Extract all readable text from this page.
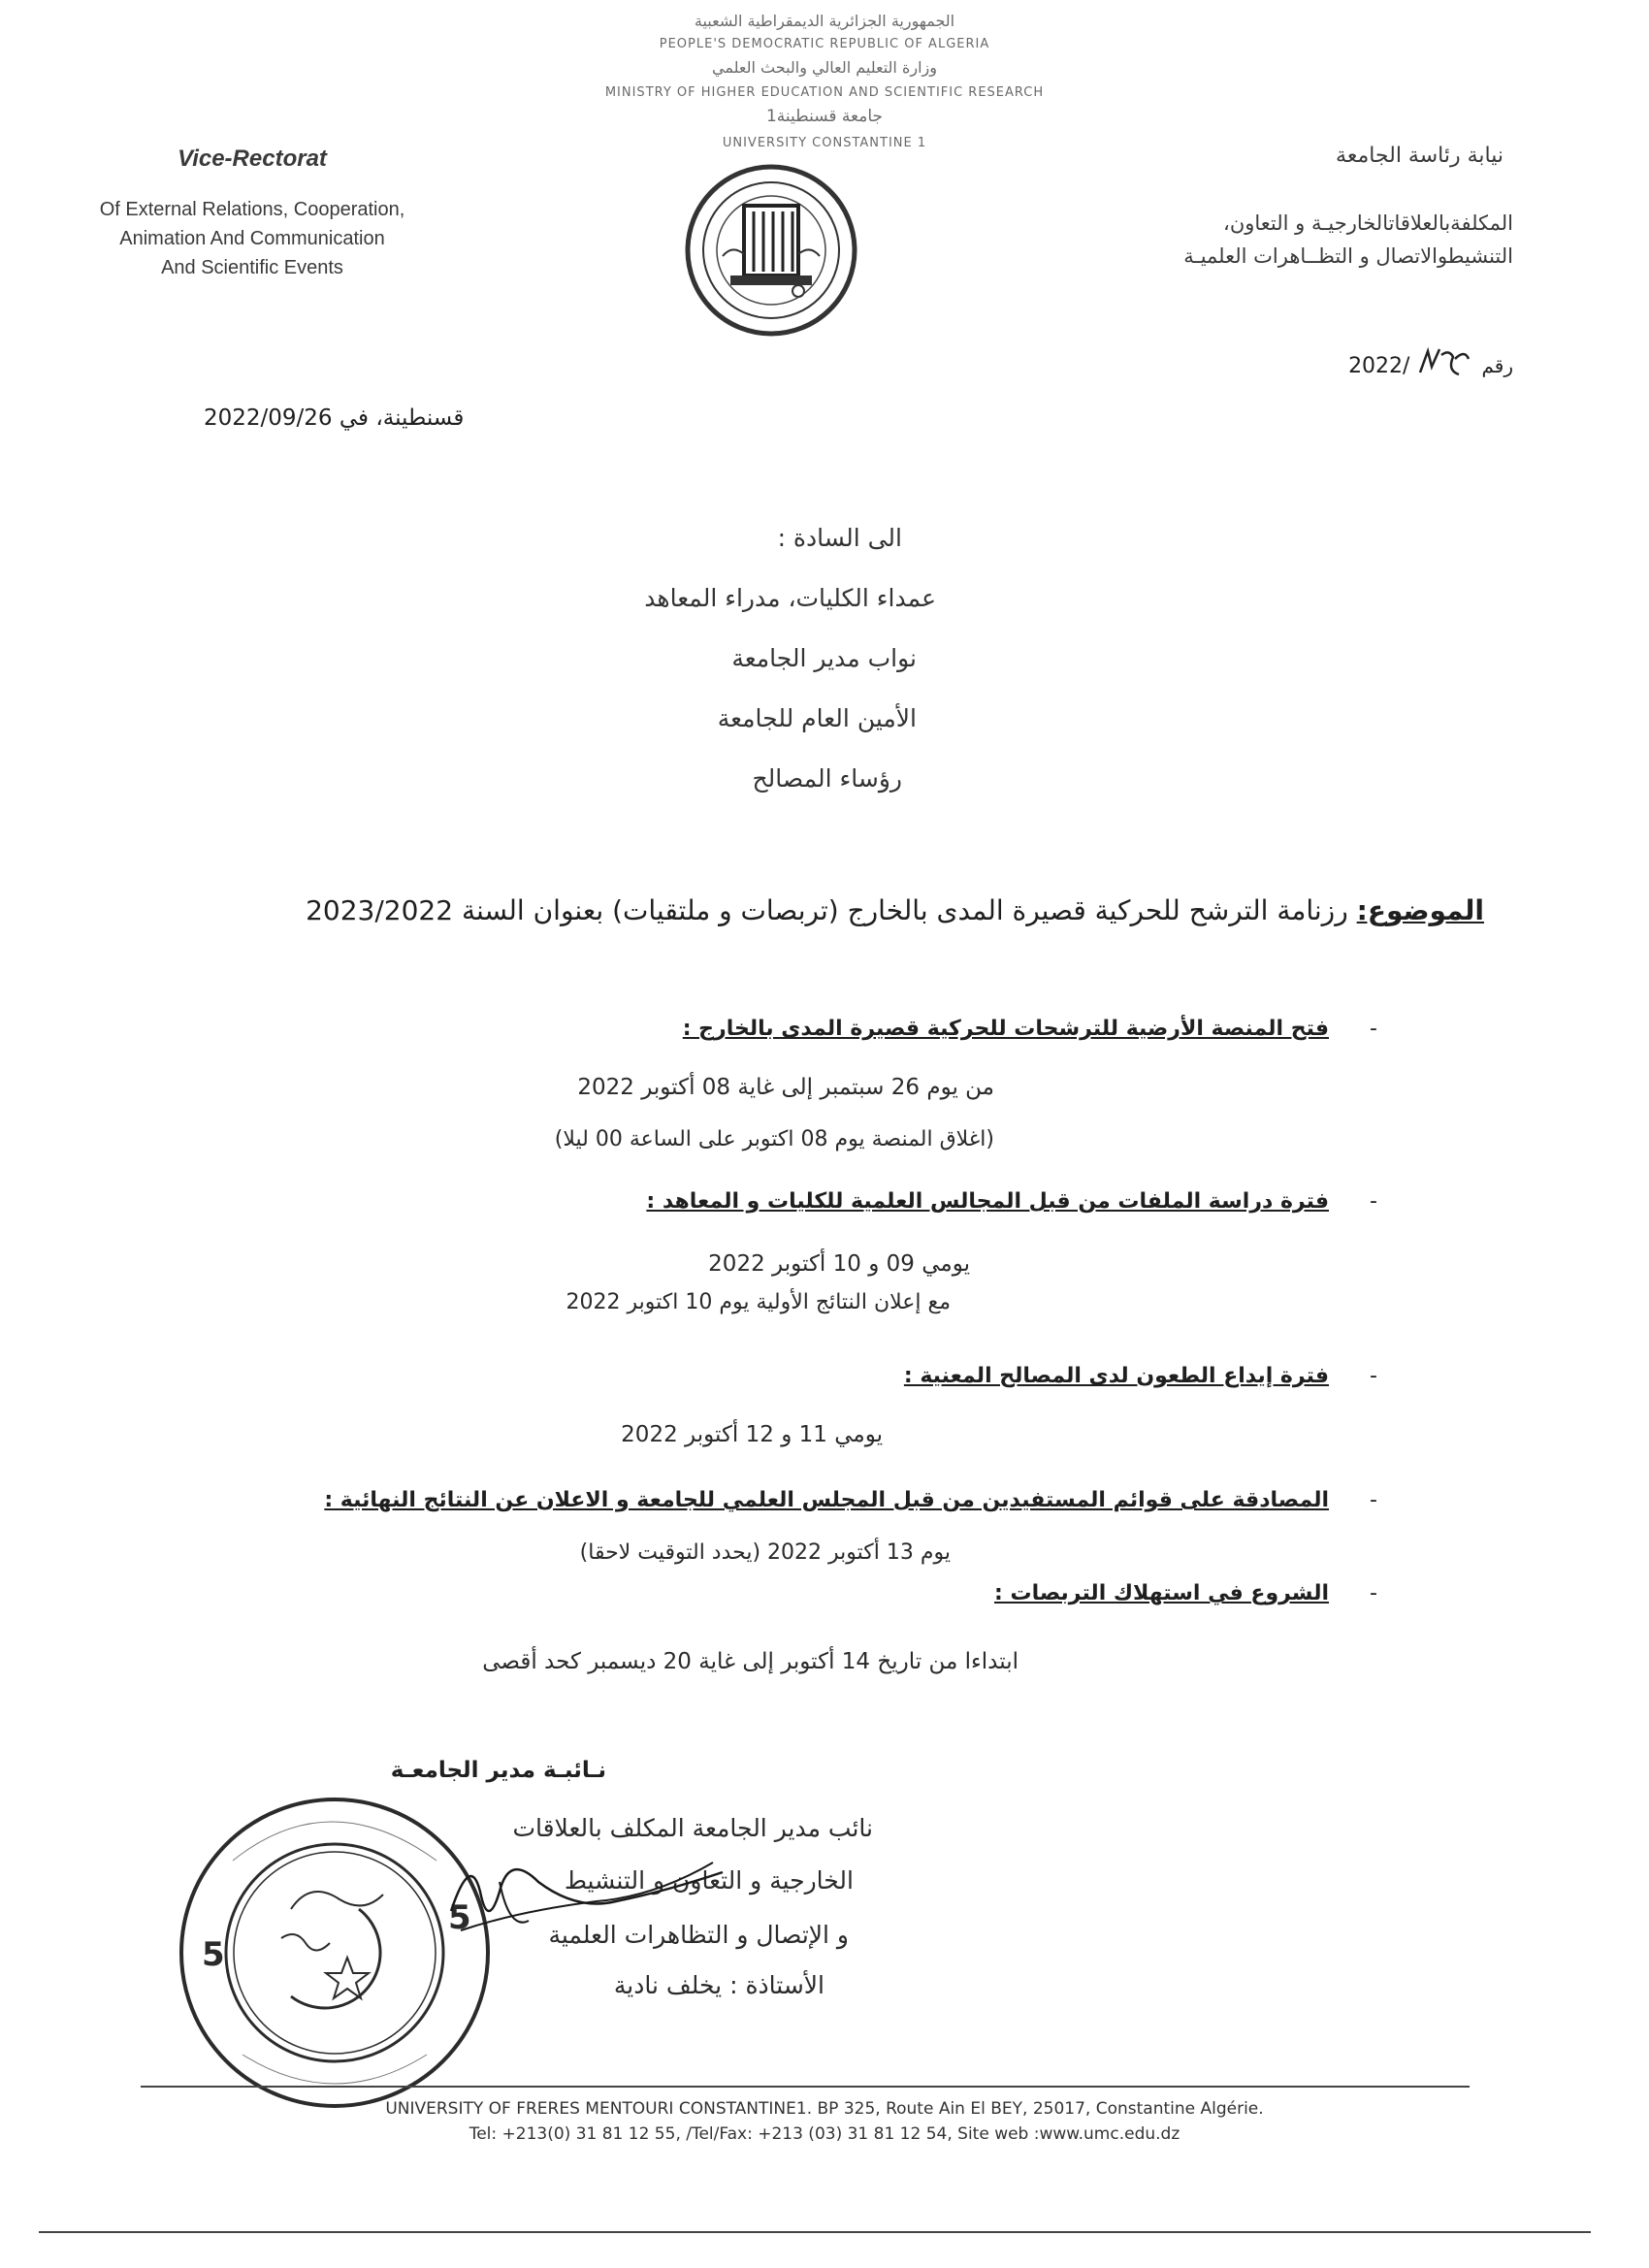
الجمهورية الجزائرية الديمقراطية الشعبية
PEOPLE'S DEMOCRATIC REPUBLIC OF ALGERIA
وزارة التعليم العالي والبحث العلمي
MINISTRY OF HIGHER EDUCATION AND SCIENTIFIC RESEARCH
جامعة قسنطينة1
UNIVERSITY CONSTANTINE 1
Vice-Rectorat
Of External Relations, Cooperation,
Animation And Communication
And Scientific Events
نيابة رئاسة الجامعة
المكلفةبالعلاقاتالخارجيـة و التعاون،
التنشيطوالاتصال و التظــاهرات العلميـة
2022/	رقم
قسنطينة، في 2022/09/26
الى السادة :
عمداء الكليات، مدراء المعاهد
نواب مدير الجامعة
الأمين العام للجامعة
رؤساء المصالح
الموضوع: رزنامة الترشح للحركية قصيرة المدى بالخارج (تربصات و ملتقيات) بعنوان السنة 2023/2022
-
فتح المنصة الأرضية للترشحات للحركية قصيرة المدى بالخارج :
من يوم 26 سبتمبر إلى غاية 08 أكتوبر 2022
(اغلاق المنصة يوم 08 اكتوبر على الساعة 00 ليلا)
-
فترة دراسة الملفات من قبل المجالس العلمية للكليات و المعاهد :
يومي 09 و 10 أكتوبر 2022
مع إعلان النتائج الأولية يوم 10 اكتوبر 2022
-
فترة إيداع الطعون لدى المصالح المعنية :
يومي 11 و 12 أكتوبر 2022
-
المصادقة على قوائم المستفيدين من قبل المجلس العلمي للجامعة و الاعلان عن النتائج النهائية :
يوم 13 أكتوبر 2022 (يحدد التوقيت لاحقا)
-
الشروع في استهلاك التربصات :
ابتداءا من تاريخ 14 أكتوبر إلى غاية 20 ديسمبر كحد أقصى
نـائبـة مدير الجامعـة
نائب مدير الجامعة المكلف بالعلاقات
الخارجية و التعاون و التنشيط
و الإتصال و التظاهرات العلمية
الأستاذة : يخلف نادية
5
5
UNIVERSITY OF FRERES MENTOURI CONSTANTINE1. BP 325, Route Ain El BEY, 25017, Constantine Algérie.
Tel: +213(0) 31 81 12 55, /Tel/Fax: +213 (03) 31 81 12 54, Site web :www.umc.edu.dz
